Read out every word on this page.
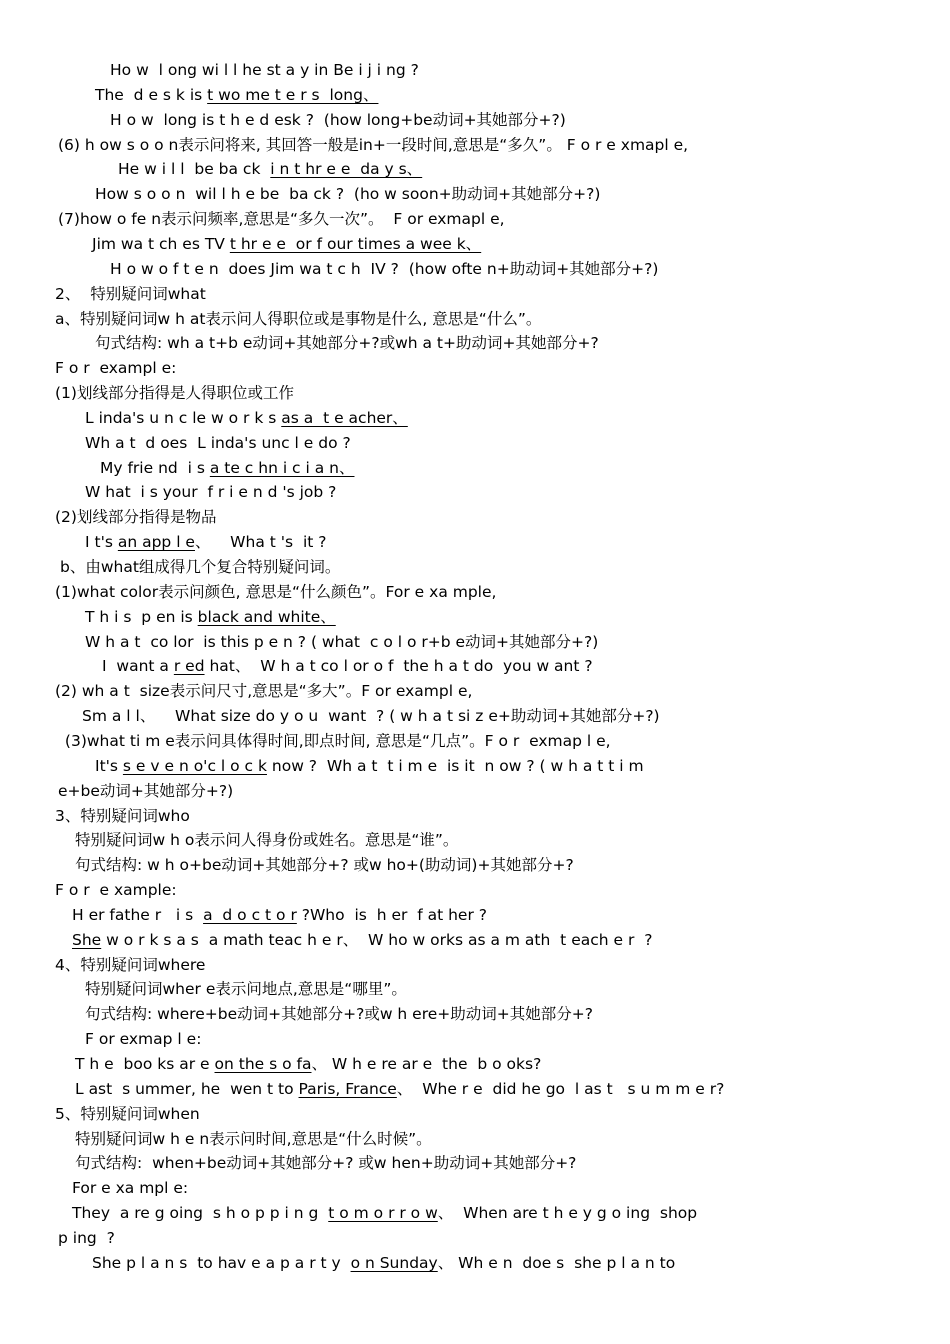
Ho w  l ong wi l l he st a y in Be i j i ng ?
The  d e s k is t wo me t e r s  long、
H o w  long is t h e d esk ?  (how long+be动词+其她部分+?)
(6) h ow s o o n表示问将来, 其回答一般是in+一段时间,意思是“多久”。 F o r e xmapl e,
He w i l l  be ba ck  i n t hr e e  da y s、
How s o o n  wil l h e be  ba ck ?  (ho w soon+助动词+其她部分+?)
(7)how o fe n表示问频率,意思是“多久一次”。  F or exmapl e,
Jim wa t ch es TV t hr e e  or f our times a wee k、
H o w o f t e n  does Jim wa t c h  IV ?  (how ofte n+助动词+其她部分+?)
2、  特别疑问词what
a、特别疑问词w h at表示问人得职位或是事物是什么, 意思是“什么”。
句式结构: wh a t+b e动词+其她部分+?或wh a t+助动词+其她部分+?
F o r  exampl e:
(1)划线部分指得是人得职位或工作
L inda's u n c le w o r k s as a  t e acher、
Wh a t  d oes  L inda's unc l e do ?
My frie nd  i s a te c hn i c i a n、
W hat  i s your  f r i e n d 's job ?
(2)划线部分指得是物品
I t's an app l e、    Wha t 's  it ?
b、由what组成得几个复合特别疑问词。
(1)what color表示问颜色, 意思是“什么颜色”。For e xa mple,
T h i s  p en is black and white、
W h a t  co lor  is this p e n ? ( what  c o l o r+b e动词+其她部分+?)
I  want a r ed hat、  W h a t co l or o f  the h a t do  you w ant ?
(2) wh a t  size表示问尺寸,意思是“多大”。F or exampl e,
Sm a l l、    What size do y o u  want  ? ( w h a t si z e+助动词+其她部分+?)
(3)what ti m e表示问具体得时间,即点时间, 意思是“几点”。F o r  exmap l e,
It's s e v e n o'c l o c k now ?  Wh a t  t i m e  is it  n ow ? ( w h a t t i m
e+be动词+其她部分+?)
3、特别疑问词who
特别疑问词w h o表示问人得身份或姓名。意思是“谁”。
句式结构: w h o+be动词+其她部分+? 或w ho+(助动词)+其她部分+?
F o r  e xample:
H er fathe r   i s  a  d o c t o r ?Who  is  h er  f at her ?
She w o r k s a s  a math teac h e r、  W ho w orks as a m ath  t each e r  ?
4、特别疑问词where
特别疑问词wher e表示问地点,意思是“哪里”。
句式结构: where+be动词+其她部分+?或w h ere+助动词+其她部分+?
F or exmap l e:
T h e  boo ks ar e on the s o fa、 W h e re ar e  the  b o oks?
L ast  s ummer, he  wen t to Paris, France、  Whe r e  did he go  l as t   s u m m e r?
5、特别疑问词when
特别疑问词w h e n表示问时间,意思是“什么时候”。
句式结构:  when+be动词+其她部分+? 或w hen+助动词+其她部分+?
For e xa mpl e:
They  a re g oing  s h o p p i n g  t o m o r r o w、  When are t h e y g o ing  shop
p ing  ?
She p l a n s  to hav e a p a r t y  o n Sunday、 Wh e n  doe s  she p l a n to
